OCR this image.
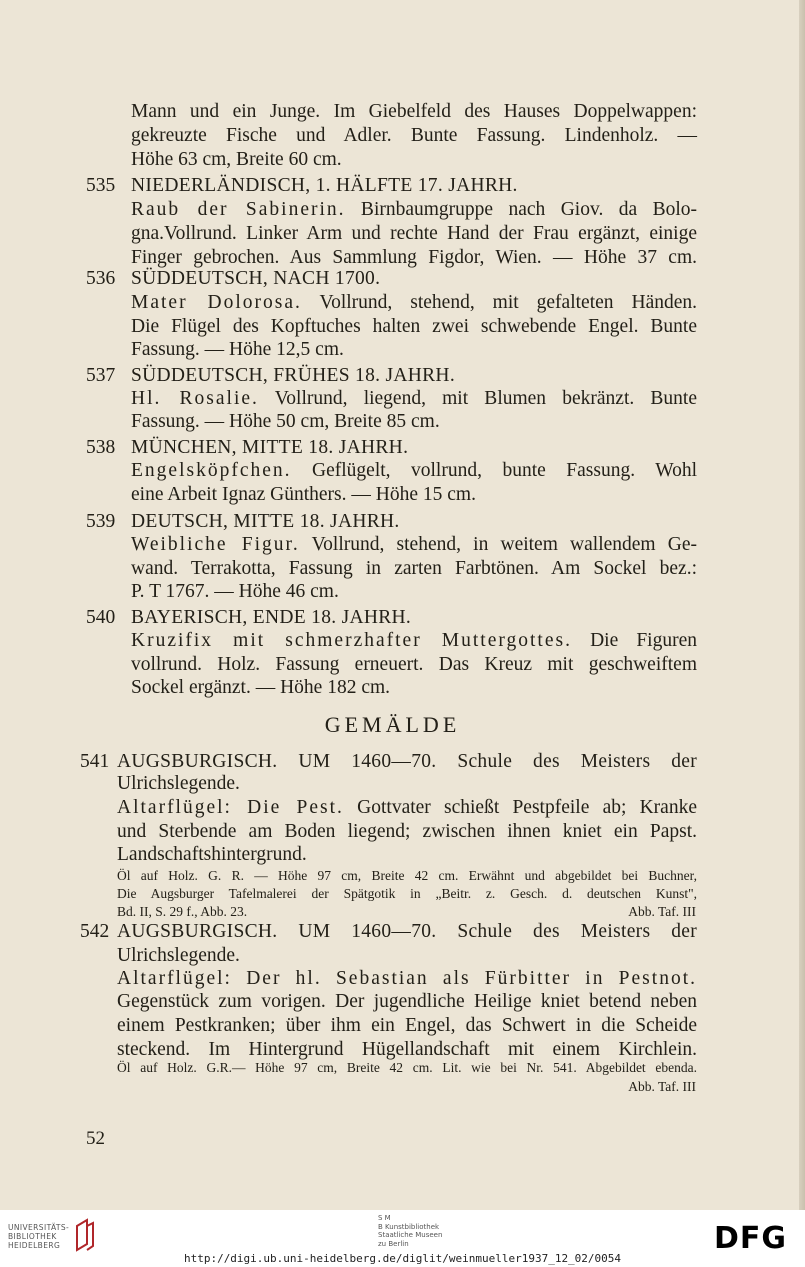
Mann und ein Junge. Im Giebelfeld des Hauses Doppelwappen:
gekreuzte Fische und Adler. Bunte Fassung. Lindenholz. —
Höhe 63 cm, Breite 60 cm.
535 NIEDERLÄNDISCH, 1. HÄLFTE 17. JAHRH.
Raub der Sabinerin. Birnbaumgruppe nach Giov. da Bolo-
gna.Vollrund. Linker Arm und rechte Hand der Frau ergänzt, einige
Finger gebrochen. Aus Sammlung Figdor, Wien. — Höhe 37 cm.
536 SÜDDEUTSCH, NACH 1700.
Mater Dolorosa. Vollrund, stehend, mit gefalteten Händen.
Die Flügel des Kopftuches halten zwei schwebende Engel. Bunte
Fassung. — Höhe 12,5 cm.
537 SÜDDEUTSCH, FRÜHES 18. JAHRH.
Hl. Rosalie. Vollrund, liegend, mit Blumen bekränzt. Bunte
Fassung. — Höhe 50 cm, Breite 85 cm.
538 MÜNCHEN, MITTE 18. JAHRH.
Engelsköpfchen. Geflügelt, vollrund, bunte Fassung. Wohl
eine Arbeit Ignaz Günthers. — Höhe 15 cm.
539 DEUTSCH, MITTE 18. JAHRH.
Weibliche Figur. Vollrund, stehend, in weitem wallendem Ge-
wand. Terrakotta, Fassung in zarten Farbtönen. Am Sockel bez.:
P. T 1767. — Höhe 46 cm.
540 BAYERISCH, ENDE 18. JAHRH.
Kruzifix mit schmerzhafter Muttergottes. Die Figuren
vollrund. Holz. Fassung erneuert. Das Kreuz mit geschweiftem
Sockel ergänzt. — Höhe 182 cm.
GEMÄLDE
541 AUGSBURGISCH. UM 1460—70. Schule des Meisters der
Ulrichslegende.
Altarflügel: Die Pest. Gottvater schießt Pestpfeile ab; Kranke
und Sterbende am Boden liegend; zwischen ihnen kniet ein Papst.
Landschaftshintergrund.
Öl auf Holz. G. R. — Höhe 97 cm, Breite 42 cm. Erwähnt und abgebildet bei Buchner,
Die Augsburger Tafelmalerei der Spätgotik in „Beitr. z. Gesch. d. deutschen Kunst",
Bd. II, S. 29 f., Abb. 23.	Abb. Taf. III
542 AUGSBURGISCH. UM 1460—70. Schule des Meisters der
Ulrichslegende.
Altarflügel: Der hl. Sebastian als Fürbitter in Pestnot.
Gegenstück zum vorigen. Der jugendliche Heilige kniet betend neben
einem Pestkranken; über ihm ein Engel, das Schwert in die Scheide
steckend. Im Hintergrund Hügellandschaft mit einem Kirchlein.
Öl auf Holz. G.R.— Höhe 97 cm, Breite 42 cm. Lit. wie bei Nr. 541. Abgebildet ebenda.
Abb. Taf. III
52
UNIVERSITÄTS-
BIBLIOTHEK
HEIDELBERG
S M
B Kunstbibliothek
Staatliche Museen
zu Berlin	DFG
http://digi.ub.uni-heidelberg.de/diglit/weinmueller1937_12_02/0054
